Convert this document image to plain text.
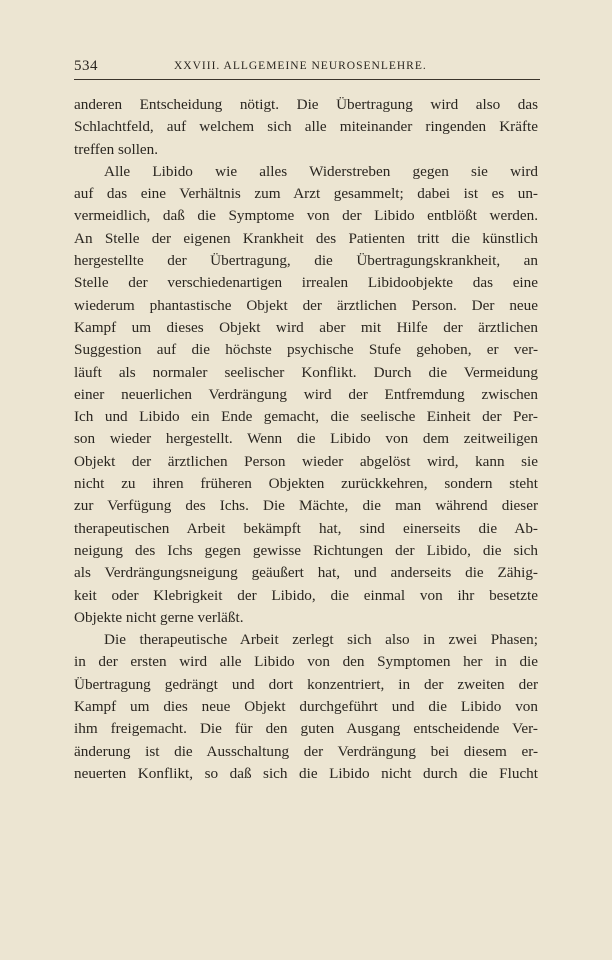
534	XXVIII. ALLGEMEINE NEUROSENLEHRE.
anderen Entscheidung nötigt. Die Übertragung wird also das
Schlachtfeld, auf welchem sich alle miteinander ringenden Kräfte
treffen sollen.
Alle Libido wie alles Widerstreben gegen sie wird
auf das eine Verhältnis zum Arzt gesammelt; dabei ist es un-
vermeidlich, daß die Symptome von der Libido entblößt werden.
An Stelle der eigenen Krankheit des Patienten tritt die künstlich
hergestellte der Übertragung, die Übertragungskrankheit, an
Stelle der verschiedenartigen irrealen Libidoobjekte das eine
wiederum phantastische Objekt der ärztlichen Person. Der neue
Kampf um dieses Objekt wird aber mit Hilfe der ärztlichen
Suggestion auf die höchste psychische Stufe gehoben, er ver-
läuft als normaler seelischer Konflikt. Durch die Vermeidung
einer neuerlichen Verdrängung wird der Entfremdung zwischen
Ich und Libido ein Ende gemacht, die seelische Einheit der Per-
son wieder hergestellt. Wenn die Libido von dem zeitweiligen
Objekt der ärztlichen Person wieder abgelöst wird, kann sie
nicht zu ihren früheren Objekten zurückkehren, sondern steht
zur Verfügung des Ichs. Die Mächte, die man während dieser
therapeutischen Arbeit bekämpft hat, sind einerseits die Ab-
neigung des Ichs gegen gewisse Richtungen der Libido, die sich
als Verdrängungsneigung geäußert hat, und anderseits die Zähig-
keit oder Klebrigkeit der Libido, die einmal von ihr besetzte
Objekte nicht gerne verläßt.
Die therapeutische Arbeit zerlegt sich also in zwei Phasen;
in der ersten wird alle Libido von den Symptomen her in die
Übertragung gedrängt und dort konzentriert, in der zweiten der
Kampf um dies neue Objekt durchgeführt und die Libido von
ihm freigemacht. Die für den guten Ausgang entscheidende Ver-
änderung ist die Ausschaltung der Verdrängung bei diesem er-
neuerten Konflikt, so daß sich die Libido nicht durch die Flucht
